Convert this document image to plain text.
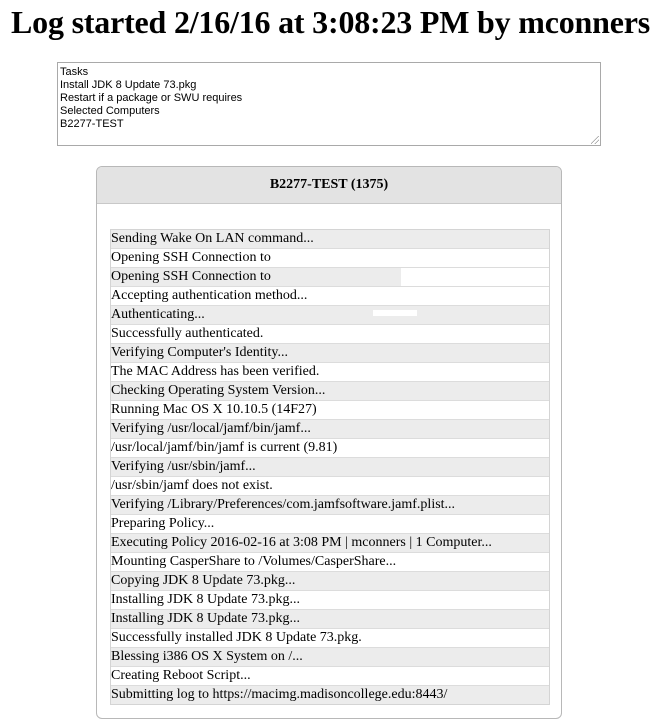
Log started 2/16/16 at 3:08:23 PM by mconners
Tasks
Install JDK 8 Update 73.pkg
Restart if a package or SWU requires
Selected Computers
B2277-TEST
B2277-TEST (1375)
Sending Wake On LAN command...
Opening SSH Connection to
Opening SSH Connection to
Accepting authentication method...
Authenticating...
Successfully authenticated.
Verifying Computer's Identity...
The MAC Address has been verified.
Checking Operating System Version...
Running Mac OS X 10.10.5 (14F27)
Verifying /usr/local/jamf/bin/jamf...
/usr/local/jamf/bin/jamf is current (9.81)
Verifying /usr/sbin/jamf...
/usr/sbin/jamf does not exist.
Verifying /Library/Preferences/com.jamfsoftware.jamf.plist...
Preparing Policy...
Executing Policy 2016-02-16 at 3:08 PM | mconners | 1 Computer...
Mounting CasperShare to /Volumes/CasperShare...
Copying JDK 8 Update 73.pkg...
Installing JDK 8 Update 73.pkg...
Installing JDK 8 Update 73.pkg...
Successfully installed JDK 8 Update 73.pkg.
Blessing i386 OS X System on /...
Creating Reboot Script...
Submitting log to https://macimg.madisoncollege.edu:8443/
